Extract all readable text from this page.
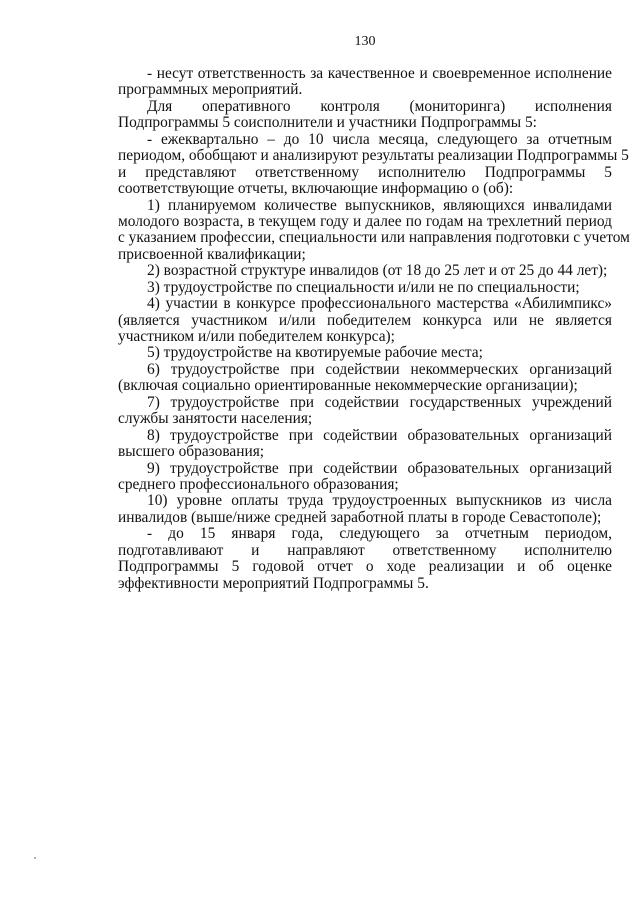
130
- несут ответственность за качественное и своевременное исполнение
программных мероприятий.
Для оперативного контроля (мониторинга) исполнения
Подпрограммы 5 соисполнители и участники Подпрограммы 5:
- ежеквартально – до 10 числа месяца, следующего за отчетным
периодом, обобщают и анализируют результаты реализации Подпрограммы 5
и представляют ответственному исполнителю Подпрограммы 5
соответствующие отчеты, включающие информацию о (об):
1) планируемом количестве выпускников, являющихся инвалидами
молодого возраста, в текущем году и далее по годам на трехлетний период
с указанием профессии, специальности или направления подготовки с учетом
присвоенной квалификации;
2) возрастной структуре инвалидов (от 18 до 25 лет и от 25 до 44 лет);
3) трудоустройстве по специальности и/или не по специальности;
4) участии в конкурсе профессионального мастерства «Абилимпикс»
(является участником и/или победителем конкурса или не является
участником и/или победителем конкурса);
5) трудоустройстве на квотируемые рабочие места;
6) трудоустройстве при содействии некоммерческих организаций
(включая социально ориентированные некоммерческие организации);
7) трудоустройстве при содействии государственных учреждений
службы занятости населения;
8) трудоустройстве при содействии образовательных организаций
высшего образования;
9) трудоустройстве при содействии образовательных организаций
среднего профессионального образования;
10) уровне оплаты труда трудоустроенных выпускников из числа
инвалидов (выше/ниже средней заработной платы в городе Севастополе);
- до 15 января года, следующего за отчетным периодом,
подготавливают и направляют ответственному исполнителю
Подпрограммы 5 годовой отчет о ходе реализации и об оценке
эффективности мероприятий Подпрограммы 5.
